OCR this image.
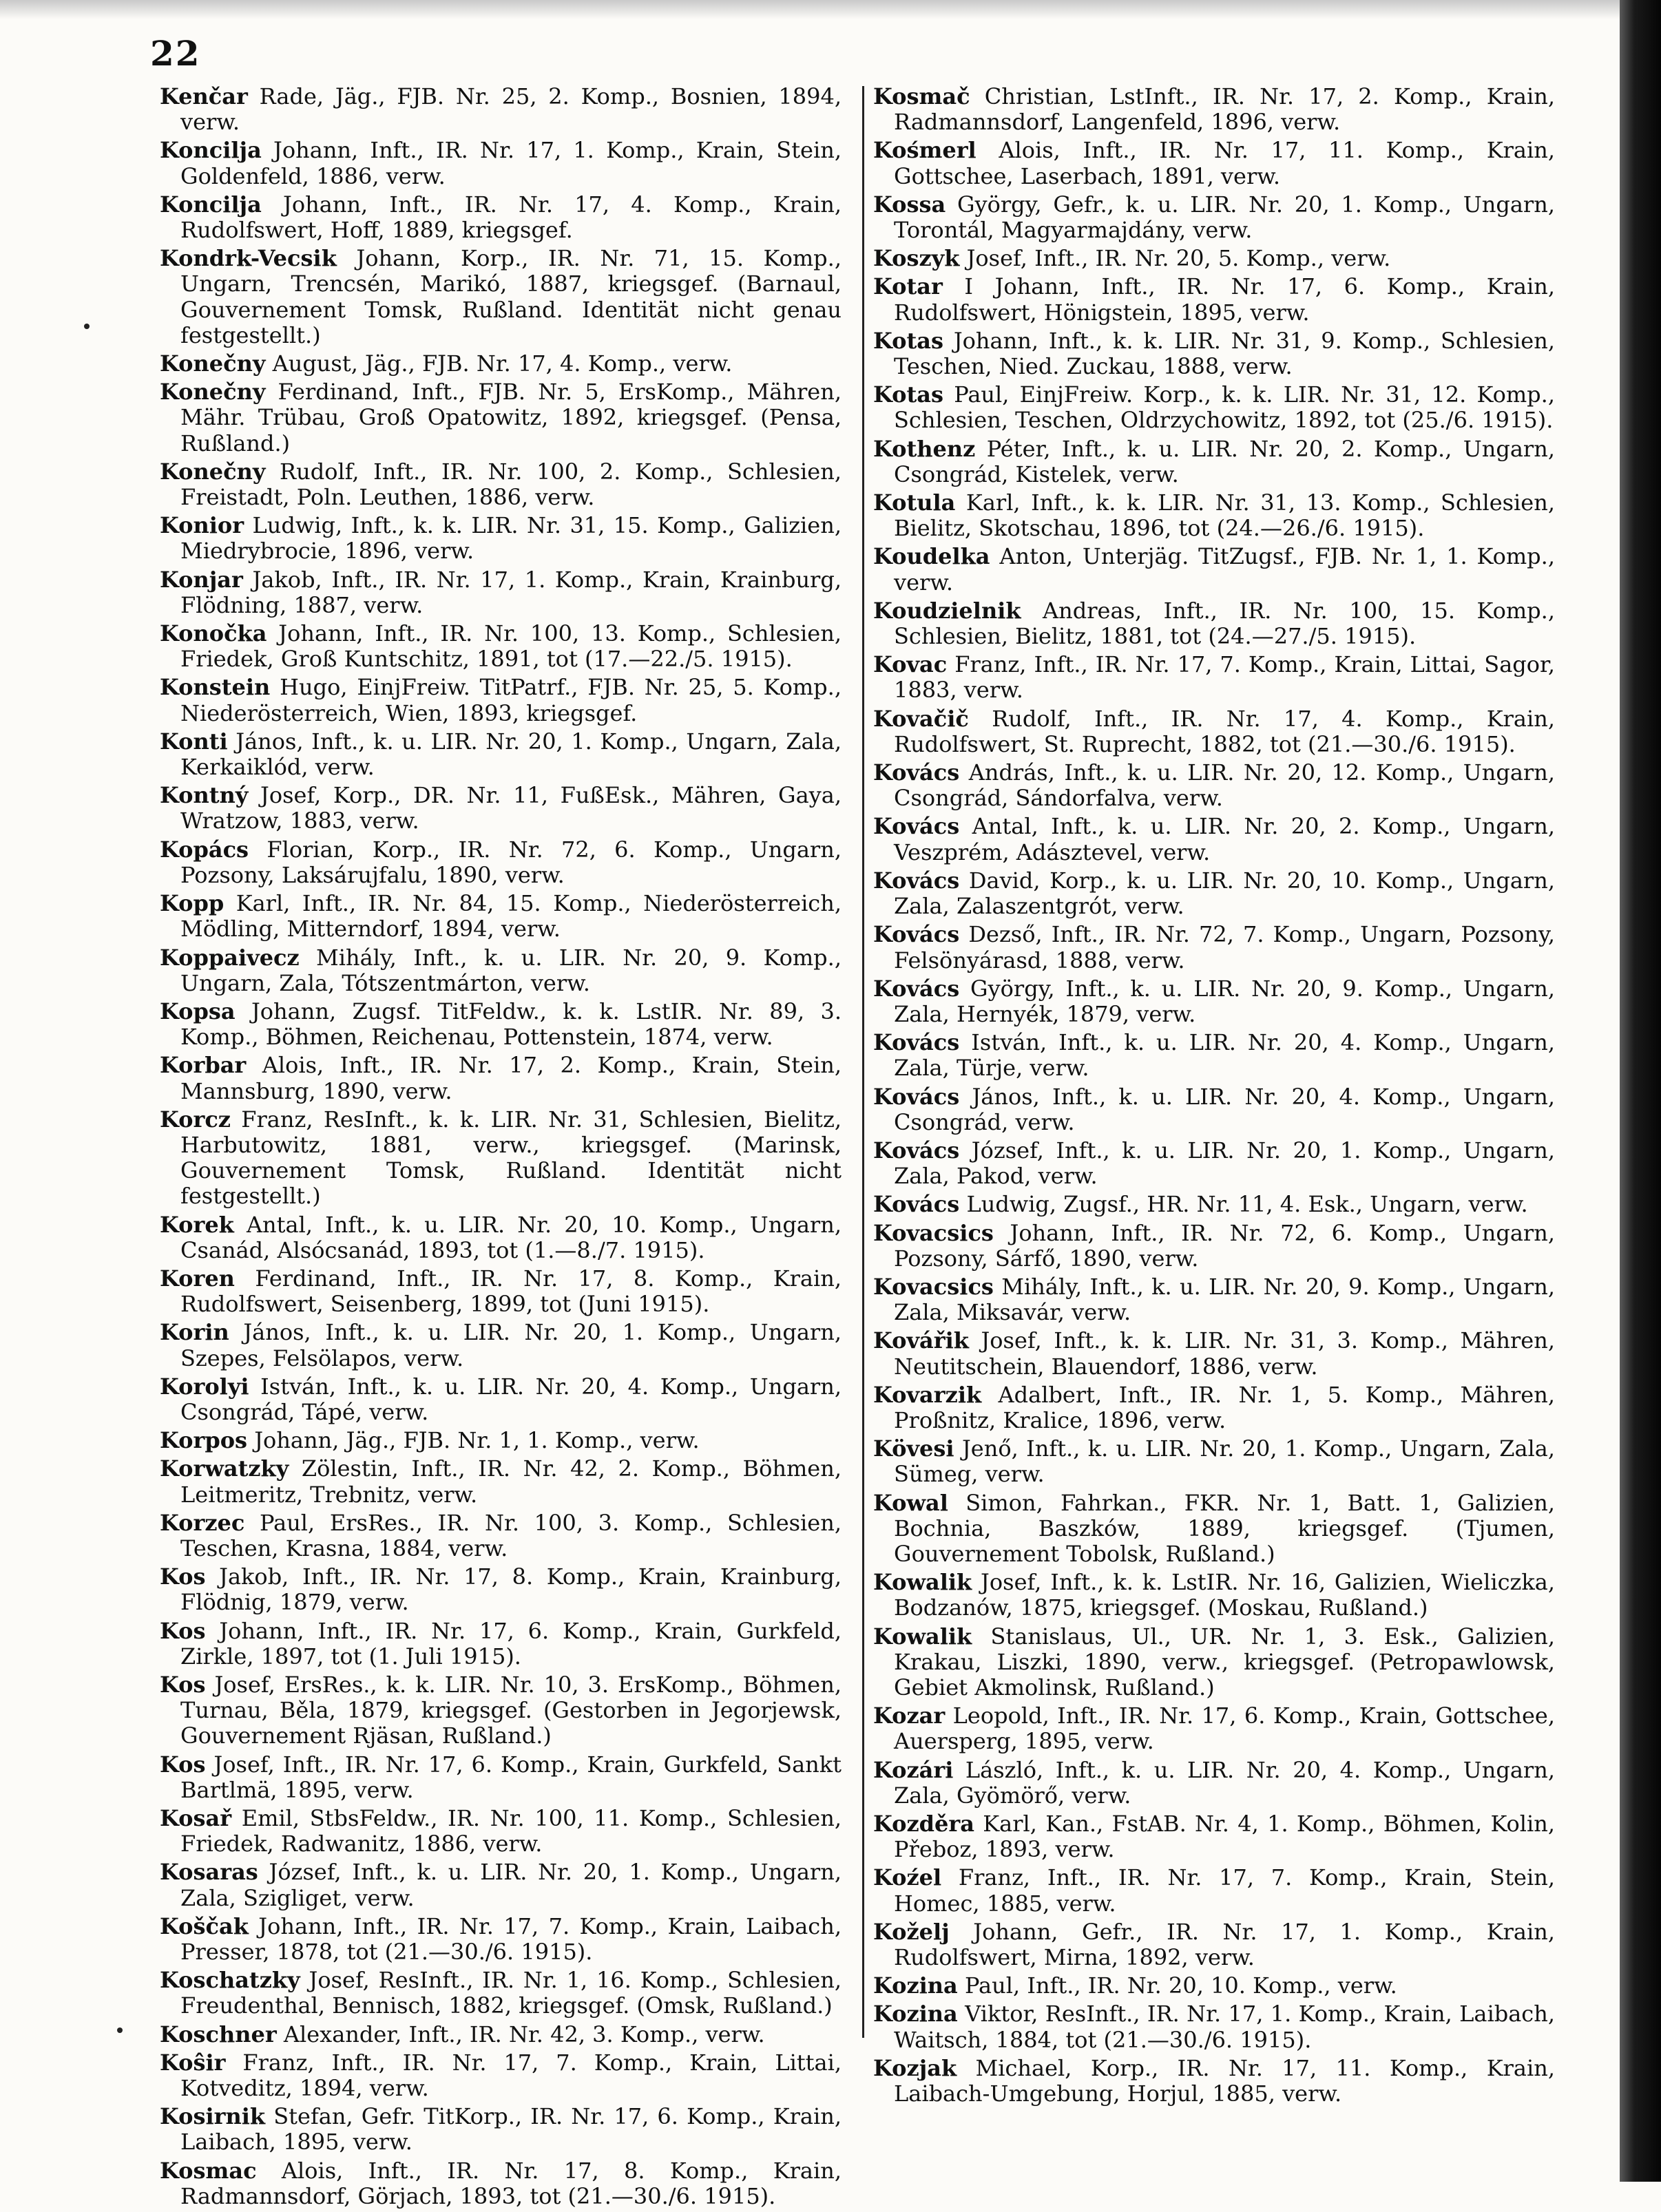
22

Kenčar Rade, Jäg., FJB. Nr. 25, 2. Komp., Bosnien, 1894, verw.

Koncilja Johann, Inft., IR. Nr. 17, 1. Komp., Krain, Stein, Goldenfeld, 1886, verw.

Koncilja Johann, Inft., IR. Nr. 17, 4. Komp., Krain, Rudolfswert, Hoff, 1889, kriegsgef.

Kondrk-Vecsik Johann, Korp., IR. Nr. 71, 15. Komp., Ungarn, Trencsén, Marikó, 1887, kriegsgef. (Barnaul, Gouvernement Tomsk, Rußland. Identität nicht genau festgestellt.)

Konečny August, Jäg., FJB. Nr. 17, 4. Komp., verw.

Konečny Ferdinand, Inft., FJB. Nr. 5, ErsKomp., Mähren, Mähr. Trübau, Groß Opatowitz, 1892, kriegsgef. (Pensa, Rußland.)

Konečny Rudolf, Inft., IR. Nr. 100, 2. Komp., Schlesien, Freistadt, Poln. Leuthen, 1886, verw.

Konior Ludwig, Inft., k. k. LIR. Nr. 31, 15. Komp., Galizien, Miedrybrocie, 1896, verw.

Konjar Jakob, Inft., IR. Nr. 17, 1. Komp., Krain, Krainburg, Flödning, 1887, verw.

Konočka Johann, Inft., IR. Nr. 100, 13. Komp., Schlesien, Friedek, Groß Kuntschitz, 1891, tot (17.—22./5. 1915).

Konstein Hugo, EinjFreiw. TitPatrf., FJB. Nr. 25, 5. Komp., Niederösterreich, Wien, 1893, kriegsgef.

Konti János, Inft., k. u. LIR. Nr. 20, 1. Komp., Ungarn, Zala, Kerkaiklód, verw.

Kontný Josef, Korp., DR. Nr. 11, FußEsk., Mähren, Gaya, Wratzow, 1883, verw.

Kopács Florian, Korp., IR. Nr. 72, 6. Komp., Ungarn, Pozsony, Laksárujfalu, 1890, verw.

Kopp Karl, Inft., IR. Nr. 84, 15. Komp., Niederösterreich, Mödling, Mitterndorf, 1894, verw.

Koppaivecz Mihály, Inft., k. u. LIR. Nr. 20, 9. Komp., Ungarn, Zala, Tótszentmárton, verw.

Kopsa Johann, Zugsf. TitFeldw., k. k. LstIR. Nr. 89, 3. Komp., Böhmen, Reichenau, Pottenstein, 1874, verw.

Korbar Alois, Inft., IR. Nr. 17, 2. Komp., Krain, Stein, Mannsburg, 1890, verw.

Korcz Franz, ResInft., k. k. LIR. Nr. 31, Schlesien, Bielitz, Harbutowitz, 1881, verw., kriegsgef. (Marinsk, Gouvernement Tomsk, Rußland. Identität nicht festgestellt.)

Korek Antal, Inft., k. u. LIR. Nr. 20, 10. Komp., Ungarn, Csanád, Alsócsanád, 1893, tot (1.—8./7. 1915).

Koren Ferdinand, Inft., IR. Nr. 17, 8. Komp., Krain, Rudolfswert, Seisenberg, 1899, tot (Juni 1915).

Korin János, Inft., k. u. LIR. Nr. 20, 1. Komp., Ungarn, Szepes, Felsölapos, verw.

Korolyi István, Inft., k. u. LIR. Nr. 20, 4. Komp., Ungarn, Csongrád, Tápé, verw.

Korpos Johann, Jäg., FJB. Nr. 1, 1. Komp., verw.

Korwatzky Zölestin, Inft., IR. Nr. 42, 2. Komp., Böhmen, Leitmeritz, Trebnitz, verw.

Korzec Paul, ErsRes., IR. Nr. 100, 3. Komp., Schlesien, Teschen, Krasna, 1884, verw.

Kos Jakob, Inft., IR. Nr. 17, 8. Komp., Krain, Krainburg, Flödnig, 1879, verw.

Kos Johann, Inft., IR. Nr. 17, 6. Komp., Krain, Gurkfeld, Zirkle, 1897, tot (1. Juli 1915).

Kos Josef, ErsRes., k. k. LIR. Nr. 10, 3. ErsKomp., Böhmen, Turnau, Běla, 1879, kriegsgef. (Gestorben in Jegorjewsk, Gouvernement Rjäsan, Rußland.)

Kos Josef, Inft., IR. Nr. 17, 6. Komp., Krain, Gurkfeld, Sankt Bartlmä, 1895, verw.

Kosař Emil, StbsFeldw., IR. Nr. 100, 11. Komp., Schlesien, Friedek, Radwanitz, 1886, verw.

Kosaras József, Inft., k. u. LIR. Nr. 20, 1. Komp., Ungarn, Zala, Szigliget, verw.

Koščak Johann, Inft., IR. Nr. 17, 7. Komp., Krain, Laibach, Presser, 1878, tot (21.—30./6. 1915).

Koschatzky Josef, ResInft., IR. Nr. 1, 16. Komp., Schlesien, Freudenthal, Bennisch, 1882, kriegsgef. (Omsk, Rußland.)

Koschner Alexander, Inft., IR. Nr. 42, 3. Komp., verw.

Koŝir Franz, Inft., IR. Nr. 17, 7. Komp., Krain, Littai, Kotveditz, 1894, verw.

Kosirnik Stefan, Gefr. TitKorp., IR. Nr. 17, 6. Komp., Krain, Laibach, 1895, verw.

Kosmac Alois, Inft., IR. Nr. 17, 8. Komp., Krain, Radmannsdorf, Görjach, 1893, tot (21.—30./6. 1915).

Kosmač Christian, LstInft., IR. Nr. 17, 2. Komp., Krain, Radmannsdorf, Langenfeld, 1896, verw.

Kośmerl Alois, Inft., IR. Nr. 17, 11. Komp., Krain, Gottschee, Laserbach, 1891, verw.

Kossa György, Gefr., k. u. LIR. Nr. 20, 1. Komp., Ungarn, Torontál, Magyarmajdány, verw.

Koszyk Josef, Inft., IR. Nr. 20, 5. Komp., verw.

Kotar I Johann, Inft., IR. Nr. 17, 6. Komp., Krain, Rudolfswert, Hönigstein, 1895, verw.

Kotas Johann, Inft., k. k. LIR. Nr. 31, 9. Komp., Schlesien, Teschen, Nied. Zuckau, 1888, verw.

Kotas Paul, EinjFreiw. Korp., k. k. LIR. Nr. 31, 12. Komp., Schlesien, Teschen, Oldrzychowitz, 1892, tot (25./6. 1915).

Kothenz Péter, Inft., k. u. LIR. Nr. 20, 2. Komp., Ungarn, Csongrád, Kistelek, verw.

Kotula Karl, Inft., k. k. LIR. Nr. 31, 13. Komp., Schlesien, Bielitz, Skotschau, 1896, tot (24.—26./6. 1915).

Koudelka Anton, Unterjäg. TitZugsf., FJB. Nr. 1, 1. Komp., verw.

Koudzielnik Andreas, Inft., IR. Nr. 100, 15. Komp., Schlesien, Bielitz, 1881, tot (24.—27./5. 1915).

Kovac Franz, Inft., IR. Nr. 17, 7. Komp., Krain, Littai, Sagor, 1883, verw.

Kovačič Rudolf, Inft., IR. Nr. 17, 4. Komp., Krain, Rudolfswert, St. Ruprecht, 1882, tot (21.—30./6. 1915).

Kovács András, Inft., k. u. LIR. Nr. 20, 12. Komp., Ungarn, Csongrád, Sándorfalva, verw.

Kovács Antal, Inft., k. u. LIR. Nr. 20, 2. Komp., Ungarn, Veszprém, Adásztevel, verw.

Kovács David, Korp., k. u. LIR. Nr. 20, 10. Komp., Ungarn, Zala, Zalaszentgrót, verw.

Kovács Dezső, Inft., IR. Nr. 72, 7. Komp., Ungarn, Pozsony, Felsönyárasd, 1888, verw.

Kovács György, Inft., k. u. LIR. Nr. 20, 9. Komp., Ungarn, Zala, Hernyék, 1879, verw.

Kovács István, Inft., k. u. LIR. Nr. 20, 4. Komp., Ungarn, Zala, Türje, verw.

Kovács János, Inft., k. u. LIR. Nr. 20, 4. Komp., Ungarn, Csongrád, verw.

Kovács József, Inft., k. u. LIR. Nr. 20, 1. Komp., Ungarn, Zala, Pakod, verw.

Kovács Ludwig, Zugsf., HR. Nr. 11, 4. Esk., Ungarn, verw.

Kovacsics Johann, Inft., IR. Nr. 72, 6. Komp., Ungarn, Pozsony, Sárfő, 1890, verw.

Kovacsics Mihály, Inft., k. u. LIR. Nr. 20, 9. Komp., Ungarn, Zala, Miksavár, verw.

Kovářik Josef, Inft., k. k. LIR. Nr. 31, 3. Komp., Mähren, Neutitschein, Blauendorf, 1886, verw.

Kovarzik Adalbert, Inft., IR. Nr. 1, 5. Komp., Mähren, Proßnitz, Kralice, 1896, verw.

Kövesi Jenő, Inft., k. u. LIR. Nr. 20, 1. Komp., Ungarn, Zala, Sümeg, verw.

Kowal Simon, Fahrkan., FKR. Nr. 1, Batt. 1, Galizien, Bochnia, Baszków, 1889, kriegsgef. (Tjumen, Gouvernement Tobolsk, Rußland.)

Kowalik Josef, Inft., k. k. LstIR. Nr. 16, Galizien, Wieliczka, Bodzanów, 1875, kriegsgef. (Moskau, Rußland.)

Kowalik Stanislaus, Ul., UR. Nr. 1, 3. Esk., Galizien, Krakau, Liszki, 1890, verw., kriegsgef. (Petropawlowsk, Gebiet Akmolinsk, Rußland.)

Kozar Leopold, Inft., IR. Nr. 17, 6. Komp., Krain, Gottschee, Auersperg, 1895, verw.

Kozári László, Inft., k. u. LIR. Nr. 20, 4. Komp., Ungarn, Zala, Gyömörő, verw.

Kozděra Karl, Kan., FstAB. Nr. 4, 1. Komp., Böhmen, Kolin, Přeboz, 1893, verw.

Koźel Franz, Inft., IR. Nr. 17, 7. Komp., Krain, Stein, Homec, 1885, verw.

Koželj Johann, Gefr., IR. Nr. 17, 1. Komp., Krain, Rudolfswert, Mirna, 1892, verw.

Kozina Paul, Inft., IR. Nr. 20, 10. Komp., verw.

Kozina Viktor, ResInft., IR. Nr. 17, 1. Komp., Krain, Laibach, Waitsch, 1884, tot (21.—30./6. 1915).

Kozjak Michael, Korp., IR. Nr. 17, 11. Komp., Krain, Laibach-Umgebung, Horjul, 1885, verw.
